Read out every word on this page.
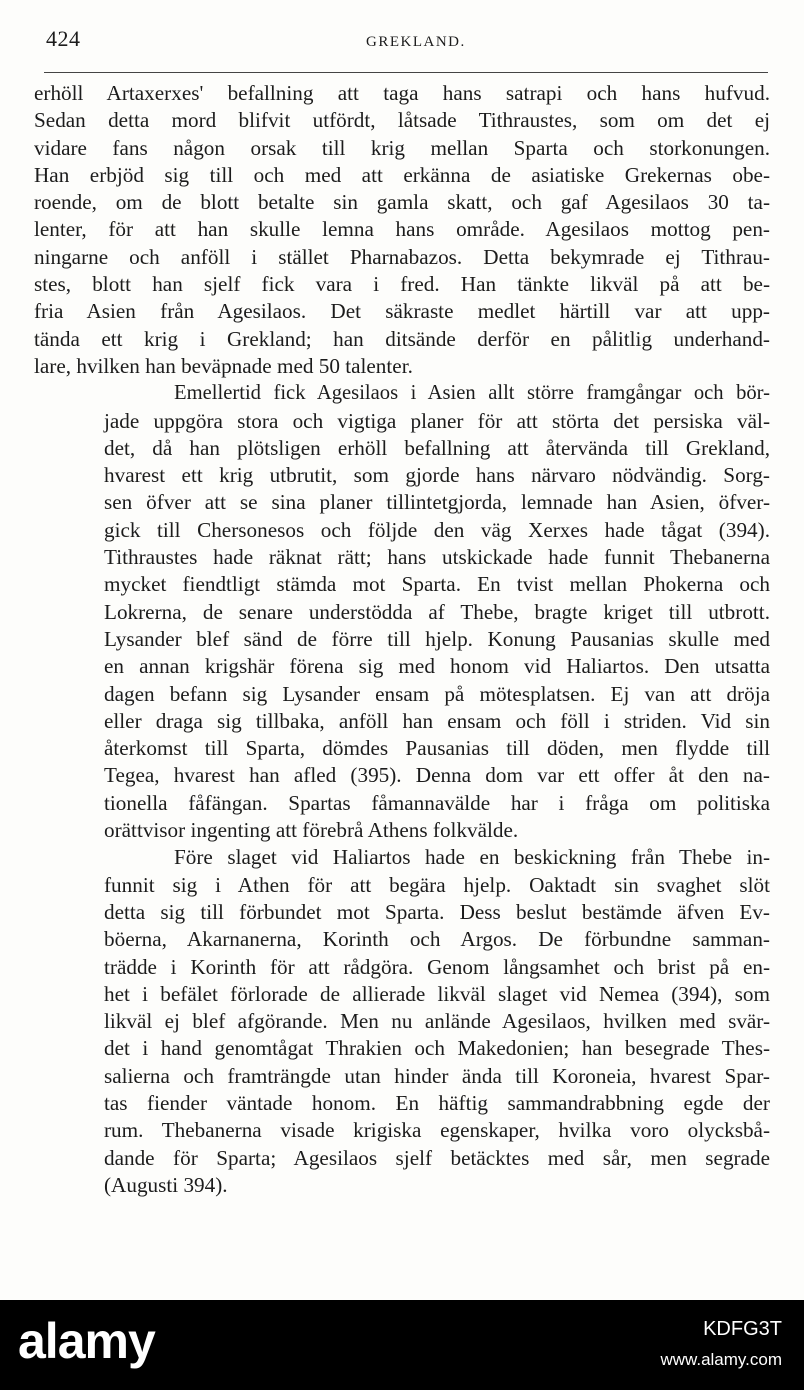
424	GREKLAND.
erhöll Artaxerxes' befallning att taga hans satrapi och hans hufvud.
Sedan detta mord blifvit utfördt, låtsade Tithraustes, som om det ej
vidare fans någon orsak till krig mellan Sparta och storkonungen.
Han erbjöd sig till och med att erkänna de asiatiske Grekernas obe-
roende, om de blott betalte sin gamla skatt, och gaf Agesilaos 30 ta-
lenter, för att han skulle lemna hans område. Agesilaos mottog pen-
ningarne och anföll i stället Pharnabazos. Detta bekymrade ej Tithrau-
stes, blott han sjelf fick vara i fred. Han tänkte likväl på att be-
fria Asien från Agesilaos. Det säkraste medlet härtill var att upp-
tända ett krig i Grekland; han ditsände derför en pålitlig underhand-
lare, hvilken han beväpnade med 50 talenter.
Emellertid fick Agesilaos i Asien allt större framgångar och bör-
jade uppgöra stora och vigtiga planer för att störta det persiska väl-
det, då han plötsligen erhöll befallning att återvända till Grekland,
hvarest ett krig utbrutit, som gjorde hans närvaro nödvändig. Sorg-
sen öfver att se sina planer tillintetgjorda, lemnade han Asien, öfver-
gick till Chersonesos och följde den väg Xerxes hade tågat (394).
Tithraustes hade räknat rätt; hans utskickade hade funnit Thebanerna
mycket fiendtligt stämda mot Sparta. En tvist mellan Phokerna och
Lokrerna, de senare understödda af Thebe, bragte kriget till utbrott.
Lysander blef sänd de förre till hjelp. Konung Pausanias skulle med
en annan krigshär förena sig med honom vid Haliartos. Den utsatta
dagen befann sig Lysander ensam på mötesplatsen. Ej van att dröja
eller draga sig tillbaka, anföll han ensam och föll i striden. Vid sin
återkomst till Sparta, dömdes Pausanias till döden, men flydde till
Tegea, hvarest han afled (395). Denna dom var ett offer åt den na-
tionella fåfängan. Spartas fåmannavälde har i fråga om politiska
orättvisor ingenting att förebrå Athens folkvälde.
Före slaget vid Haliartos hade en beskickning från Thebe in-
funnit sig i Athen för att begära hjelp. Oaktadt sin svaghet slöt
detta sig till förbundet mot Sparta. Dess beslut bestämde äfven Ev-
böerna, Akarnanerna, Korinth och Argos. De förbundne samman-
trädde i Korinth för att rådgöra. Genom långsamhet och brist på en-
het i befälet förlorade de allierade likväl slaget vid Nemea (394), som
likväl ej blef afgörande. Men nu anlände Agesilaos, hvilken med svär-
det i hand genomtågat Thrakien och Makedonien; han besegrade Thes-
salierna och framträngde utan hinder ända till Koroneia, hvarest Spar-
tas fiender väntade honom. En häftig sammandrabbning egde der
rum. Thebanerna visade krigiska egenskaper, hvilka voro olycksbå-
dande för Sparta; Agesilaos sjelf betäcktes med sår, men segrade
(Augusti 394).
alamy	KDFG3T
www.alamy.com
